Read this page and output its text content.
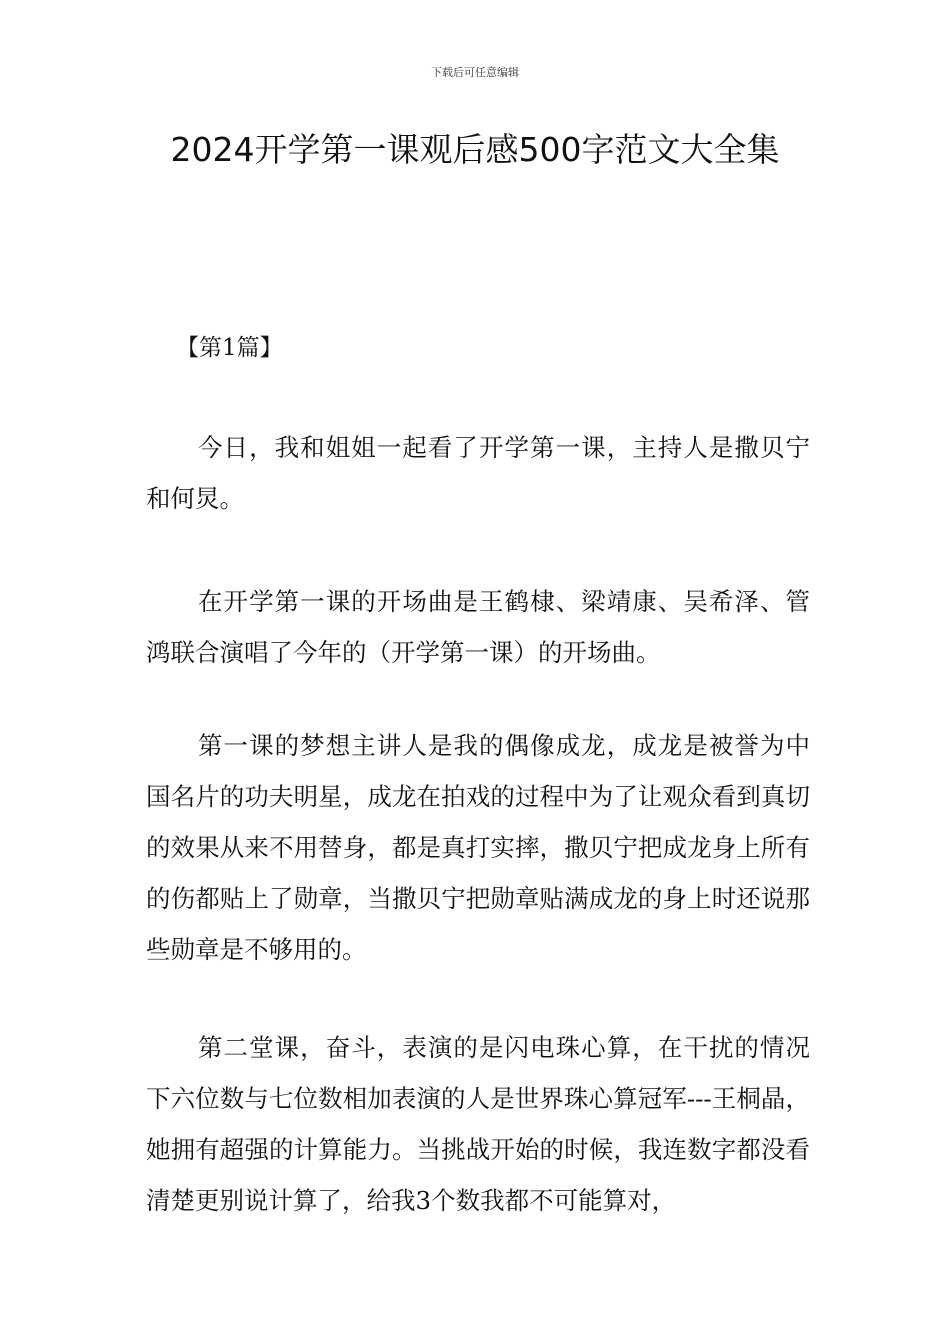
下载后可任意编辑
2024开学第一课观后感500字范文大全集
【第1篇】

今日，我和姐姐一起看了开学第一课，主持人是撒贝宁和何炅。

在开学第一课的开场曲是王鹤棣、梁靖康、吴希泽、管鸿联合演唱了今年的（开学第一课）的开场曲。

第一课的梦想主讲人是我的偶像成龙，成龙是被誉为中国名片的功夫明星，成龙在拍戏的过程中为了让观众看到真切的效果从来不用替身，都是真打实摔，撒贝宁把成龙身上所有的伤都贴上了勋章，当撒贝宁把勋章贴满成龙的身上时还说那些勋章是不够用的。

第二堂课，奋斗，表演的是闪电珠心算，在干扰的情况下六位数与七位数相加表演的人是世界珠心算冠军---王桐晶，她拥有超强的计算能力。当挑战开始的时候，我连数字都没看清楚更别说计算了，给我3个数我都不可能算对，
